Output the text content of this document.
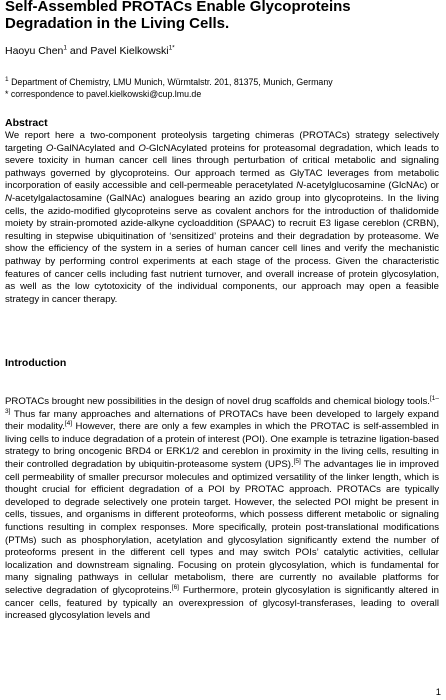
Self-Assembled PROTACs Enable Glycoproteins Degradation in the Living Cells.
Haoyu Chen$^1$ and Pavel Kielkowski$^{1*}$
$^1$ Department of Chemistry, LMU Munich, Würmtalstr. 201, 81375, Munich, Germany
* correspondence to pavel.kielkowski@cup.lmu.de
Abstract

We report here a two-component proteolysis targeting chimeras (PROTACs) strategy selectively targeting O-GalNAcylated and O-GlcNAcylated proteins for proteasomal degradation, which leads to severe toxicity in human cancer cell lines through perturbation of critical metabolic and signaling pathways governed by glycoproteins. Our approach termed as GlyTAC leverages from metabolic incorporation of easily accessible and cell-permeable peracetylated N-acetylglucosamine (GlcNAc) or N-acetylgalactosamine (GalNAc) analogues bearing an azido group into glycoproteins. In the living cells, the azido-modified glycoproteins serve as covalent anchors for the introduction of thalidomide moiety by strain-promoted azide-alkyne cycloaddition (SPAAC) to recruit E3 ligase cereblon (CRBN), resulting in stepwise ubiquitination of ‘sensitized’ proteins and their degradation by proteasome. We show the efficiency of the system in a series of human cancer cell lines and verify the mechanistic pathway by performing control experiments at each stage of the process. Given the characteristic features of cancer cells including fast nutrient turnover, and overall increase of protein glycosylation, as well as the low cytotoxicity of the individual components, our approach may open a feasible strategy in cancer therapy.

Introduction

PROTACs brought new possibilities in the design of novel drug scaffolds and chemical biology tools.[1–3] Thus far many approaches and alternations of PROTACs have been developed to largely expand their modality.[4] However, there are only a few examples in which the PROTAC is self-assembled in living cells to induce degradation of a protein of interest (POI). One example is tetrazine ligation-based strategy to bring oncogenic BRD4 or ERK1/2 and cereblon in proximity in the living cells, resulting in their controlled degradation by ubiquitin-proteasome system (UPS).[5] The advantages lie in improved cell permeability of smaller precursor molecules and optimized versatility of the linker length, which is thought crucial for efficient degradation of a POI by PROTAC approach. PROTACs are typically developed to degrade selectively one protein target. However, the selected POI might be present in cells, tissues, and organisms in different proteoforms, which possess different metabolic or signaling functions resulting in complex responses. More specifically, protein post-translational modifications (PTMs) such as phosphorylation, acetylation and glycosylation significantly extend the number of proteoforms present in the different cell types and may switch POIs’ catalytic activities, cellular localization and downstream signaling. Focusing on protein glycosylation, which is fundamental for many signaling pathways in cellular metabolism, there are currently no available platforms for selective degradation of glycoproteins.[6] Furthermore, protein glycosylation is significantly altered in cancer cells, featured by typically an overexpression of glycosyl-transferases, leading to overall increased glycosylation levels and

1
